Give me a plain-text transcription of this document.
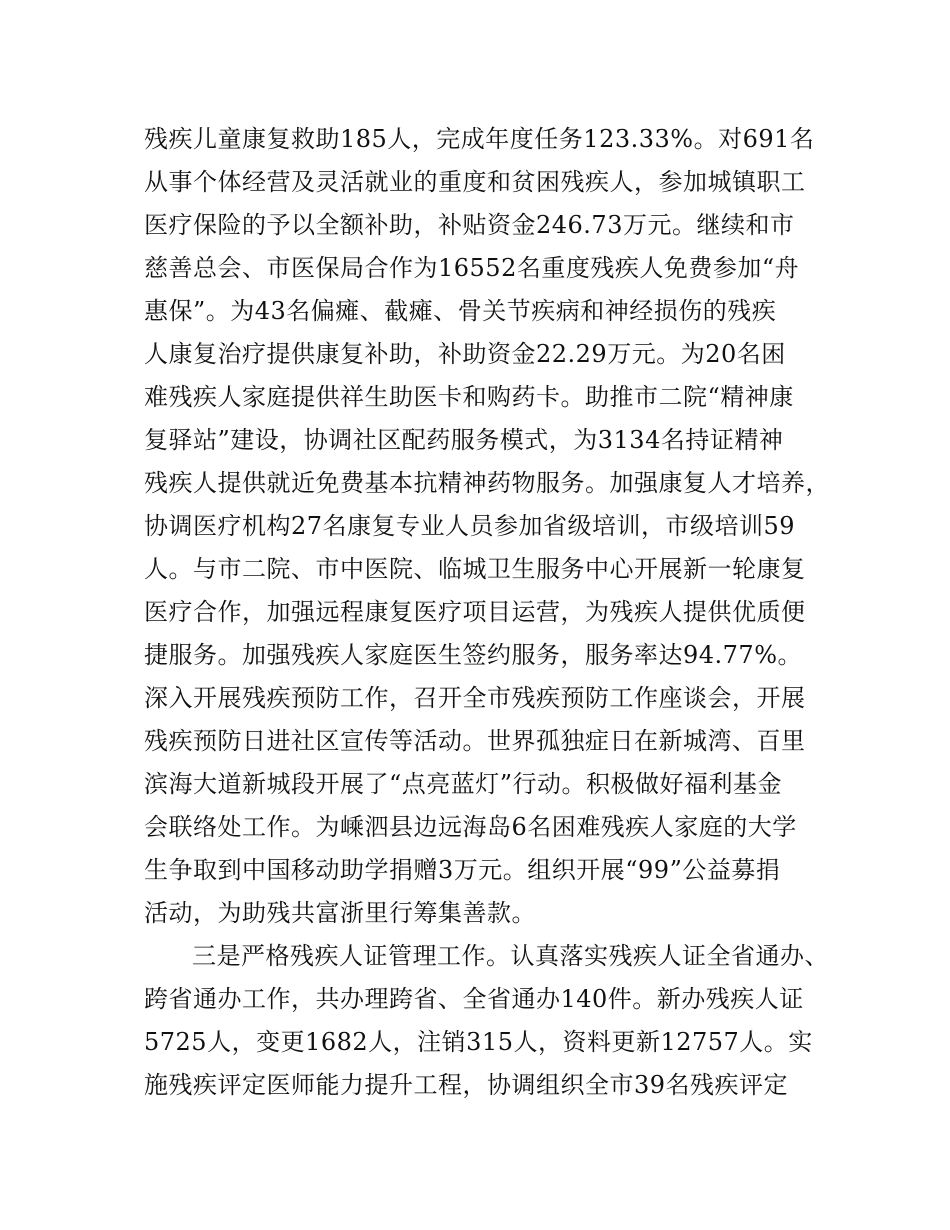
残疾儿童康复救助185人，完成年度任务123.33%。对691名
从事个体经营及灵活就业的重度和贫困残疾人，参加城镇职工
医疗保险的予以全额补助，补贴资金246.73万元。继续和市
慈善总会、市医保局合作为16552名重度残疾人免费参加“舟
惠保”。为43名偏瘫、截瘫、骨关节疾病和神经损伤的残疾
人康复治疗提供康复补助，补助资金22.29万元。为20名困
难残疾人家庭提供祥生助医卡和购药卡。助推市二院“精神康
复驿站”建设，协调社区配药服务模式，为3134名持证精神
残疾人提供就近免费基本抗精神药物服务。加强康复人才培养，
协调医疗机构27名康复专业人员参加省级培训，市级培训59
人。与市二院、市中医院、临城卫生服务中心开展新一轮康复
医疗合作，加强远程康复医疗项目运营，为残疾人提供优质便
捷服务。加强残疾人家庭医生签约服务，服务率达94.77%。
深入开展残疾预防工作，召开全市残疾预防工作座谈会，开展
残疾预防日进社区宣传等活动。世界孤独症日在新城湾、百里
滨海大道新城段开展了“点亮蓝灯”行动。积极做好福利基金
会联络处工作。为嵊泗县边远海岛6名困难残疾人家庭的大学
生争取到中国移动助学捐赠3万元。组织开展“99”公益募捐
活动，为助残共富浙里行筹集善款。
三是严格残疾人证管理工作。认真落实残疾人证全省通办、
跨省通办工作，共办理跨省、全省通办140件。新办残疾人证
5725人，变更1682人，注销315人，资料更新12757人。实
施残疾评定医师能力提升工程，协调组织全市39名残疾评定
